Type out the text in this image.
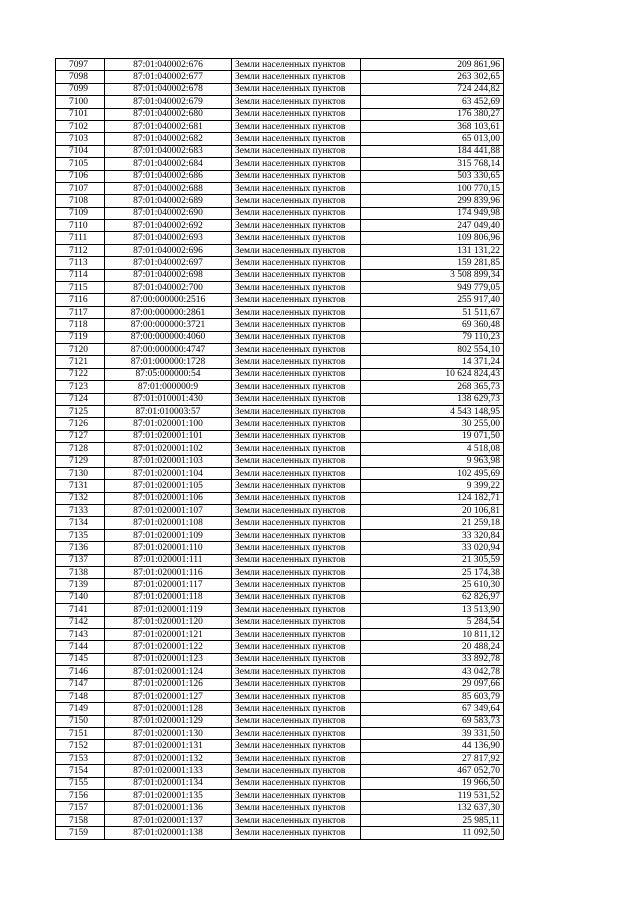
7097	87:01:040002:676	Земли населенных пунктов	209 861,96
7098	87:01:040002:677	Земли населенных пунктов	263 302,65
7099	87:01:040002:678	Земли населенных пунктов	724 244,82
7100	87:01:040002:679	Земли населенных пунктов	63 452,69
7101	87:01:040002:680	Земли населенных пунктов	176 380,27
7102	87:01:040002:681	Земли населенных пунктов	368 103,61
7103	87:01:040002:682	Земли населенных пунктов	65 013,00
7104	87:01:040002:683	Земли населенных пунктов	184 441,88
7105	87:01:040002:684	Земли населенных пунктов	315 768,14
7106	87:01:040002:686	Земли населенных пунктов	503 330,65
7107	87:01:040002:688	Земли населенных пунктов	100 770,15
7108	87:01:040002:689	Земли населенных пунктов	299 839,96
7109	87:01:040002:690	Земли населенных пунктов	174 949,98
7110	87:01:040002:692	Земли населенных пунктов	247 049,40
7111	87:01:040002:693	Земли населенных пунктов	109 806,96
7112	87:01:040002:696	Земли населенных пунктов	131 131,22
7113	87:01:040002:697	Земли населенных пунктов	159 281,85
7114	87:01:040002:698	Земли населенных пунктов	3 508 899,34
7115	87:01:040002:700	Земли населенных пунктов	949 779,05
7116	87:00:000000:2516	Земли населенных пунктов	255 917,40
7117	87:00:000000:2861	Земли населенных пунктов	51 511,67
7118	87:00:000000:3721	Земли населенных пунктов	69 360,48
7119	87:00:000000:4060	Земли населенных пунктов	79 110,23
7120	87:00:000000:4747	Земли населенных пунктов	802 554,10
7121	87:01:000000:1728	Земли населенных пунктов	14 371,24
7122	87:05:000000:54	Земли населенных пунктов	10 624 824,43
7123	87:01:000000:9	Земли населенных пунктов	268 365,73
7124	87:01:010001:430	Земли населенных пунктов	138 629,73
7125	87:01:010003:57	Земли населенных пунктов	4 543 148,95
7126	87:01:020001:100	Земли населенных пунктов	30 255,00
7127	87:01:020001:101	Земли населенных пунктов	19 071,50
7128	87:01:020001:102	Земли населенных пунктов	4 518,08
7129	87:01:020001:103	Земли населенных пунктов	9 963,98
7130	87:01:020001:104	Земли населенных пунктов	102 495,69
7131	87:01:020001:105	Земли населенных пунктов	9 399,22
7132	87:01:020001:106	Земли населенных пунктов	124 182,71
7133	87:01:020001:107	Земли населенных пунктов	20 106,81
7134	87:01:020001:108	Земли населенных пунктов	21 259,18
7135	87:01:020001:109	Земли населенных пунктов	33 320,84
7136	87:01:020001:110	Земли населенных пунктов	33 020,94
7137	87:01:020001:111	Земли населенных пунктов	21 305,59
7138	87:01:020001:116	Земли населенных пунктов	25 174,38
7139	87:01:020001:117	Земли населенных пунктов	25 610,30
7140	87:01:020001:118	Земли населенных пунктов	62 826,97
7141	87:01:020001:119	Земли населенных пунктов	13 513,90
7142	87:01:020001:120	Земли населенных пунктов	5 284,54
7143	87:01:020001:121	Земли населенных пунктов	10 811,12
7144	87:01:020001:122	Земли населенных пунктов	20 488,24
7145	87:01:020001:123	Земли населенных пунктов	33 892,78
7146	87:01:020001:124	Земли населенных пунктов	43 042,78
7147	87:01:020001:126	Земли населенных пунктов	29 097,66
7148	87:01:020001:127	Земли населенных пунктов	85 603,79
7149	87:01:020001:128	Земли населенных пунктов	67 349,64
7150	87:01:020001:129	Земли населенных пунктов	69 583,73
7151	87:01:020001:130	Земли населенных пунктов	39 331,50
7152	87:01:020001:131	Земли населенных пунктов	44 136,90
7153	87:01:020001:132	Земли населенных пунктов	27 817,92
7154	87:01:020001:133	Земли населенных пунктов	467 052,70
7155	87:01:020001:134	Земли населенных пунктов	19 966,50
7156	87:01:020001:135	Земли населенных пунктов	119 531,52
7157	87:01:020001:136	Земли населенных пунктов	132 637,30
7158	87:01:020001:137	Земли населенных пунктов	25 985,11
7159	87:01:020001:138	Земли населенных пунктов	11 092,50
